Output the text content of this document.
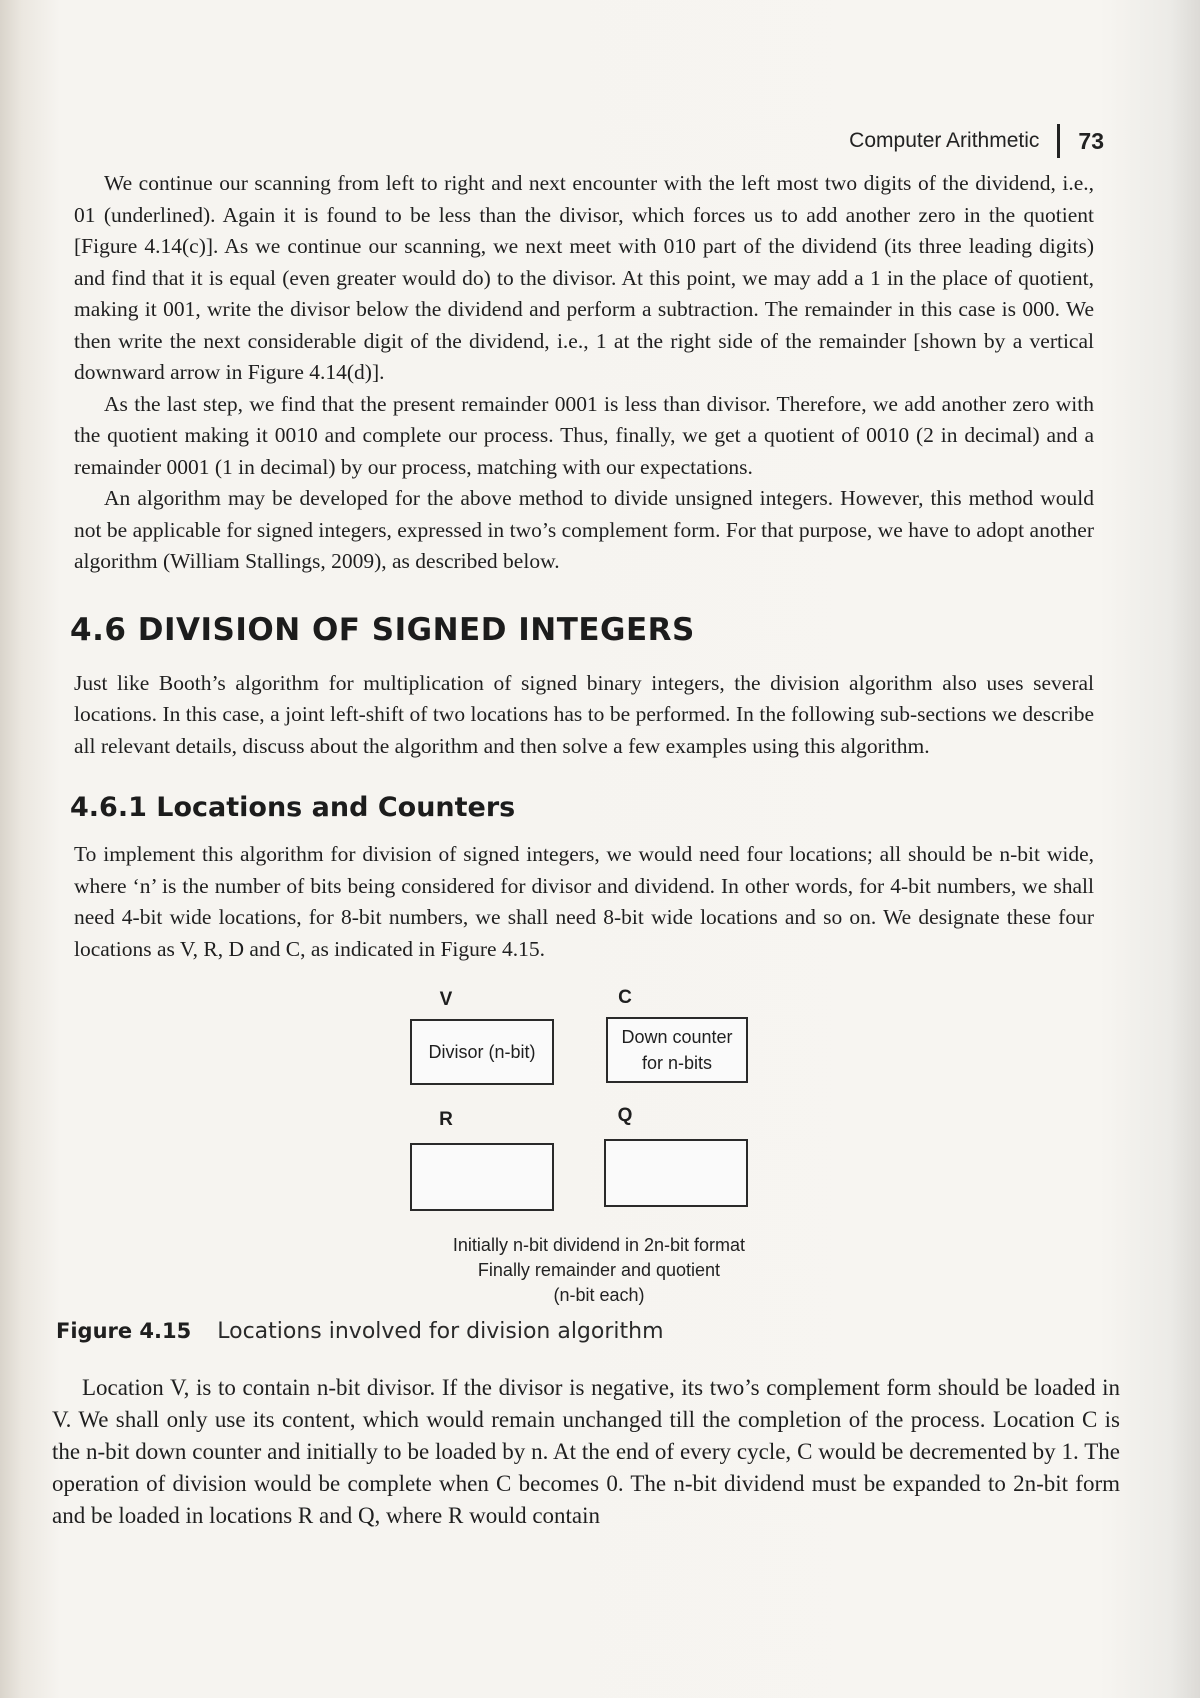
Computer Arithmetic 73

We continue our scanning from left to right and next encounter with the left most two digits of the dividend, i.e., 01 (underlined). Again it is found to be less than the divisor, which forces us to add another zero in the quotient [Figure 4.14(c)]. As we continue our scanning, we next meet with 010 part of the dividend (its three leading digits) and find that it is equal (even greater would do) to the divisor. At this point, we may add a 1 in the place of quotient, making it 001, write the divisor below the dividend and perform a subtraction. The remainder in this case is 000. We then write the next considerable digit of the dividend, i.e., 1 at the right side of the remainder [shown by a vertical downward arrow in Figure 4.14(d)].

As the last step, we find that the present remainder 0001 is less than divisor. Therefore, we add another zero with the quotient making it 0010 and complete our process. Thus, finally, we get a quotient of 0010 (2 in decimal) and a remainder 0001 (1 in decimal) by our process, matching with our expectations.

An algorithm may be developed for the above method to divide unsigned integers. However, this method would not be applicable for signed integers, expressed in two’s complement form. For that purpose, we have to adopt another algorithm (William Stallings, 2009), as described below.

4.6 DIVISION OF SIGNED INTEGERS

Just like Booth’s algorithm for multiplication of signed binary integers, the division algorithm also uses several locations. In this case, a joint left-shift of two locations has to be performed. In the following sub-sections we describe all relevant details, discuss about the algorithm and then solve a few examples using this algorithm.

4.6.1 Locations and Counters

To implement this algorithm for division of signed integers, we would need four locations; all should be n-bit wide, where ‘n’ is the number of bits being considered for divisor and dividend. In other words, for 4-bit numbers, we shall need 4-bit wide locations, for 8-bit numbers, we shall need 8-bit wide locations and so on. We designate these four locations as V, R, D and C, as indicated in Figure 4.15.

V	C
Divisor (n-bit)
Down counter
for n-bits
R	Q
Initially n-bit dividend in 2n-bit format
Finally remainder and quotient
(n-bit each)
Figure 4.15 Locations involved for division algorithm

Location V, is to contain n-bit divisor. If the divisor is negative, its two’s complement form should be loaded in V. We shall only use its content, which would remain unchanged till the completion of the process. Location C is the n-bit down counter and initially to be loaded by n. At the end of every cycle, C would be decremented by 1. The operation of division would be complete when C becomes 0. The n-bit dividend must be expanded to 2n-bit form and be loaded in locations R and Q, where R would contain
